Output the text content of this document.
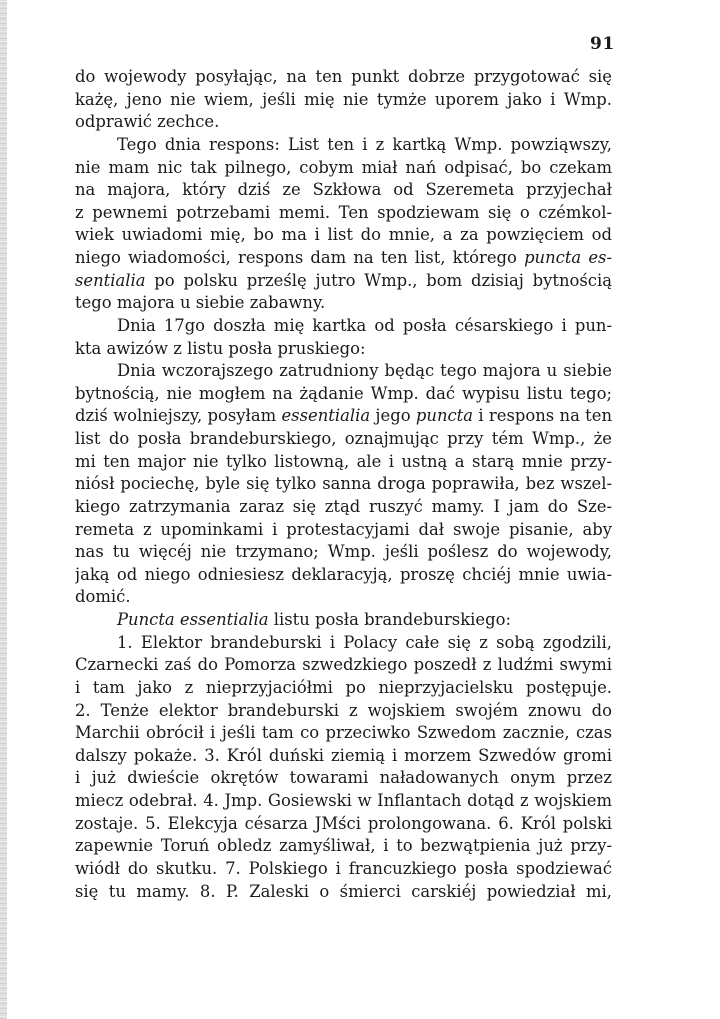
91
do wojewody posyłając, na ten punkt dobrze przygotować się
każę, jeno nie wiem, jeśli mię nie tymże uporem jako i Wmp.
odprawić zechce.
Tego dnia respons: List ten i z kartką Wmp. powziąwszy,
nie mam nic tak pilnego, cobym miał nań odpisać, bo czekam
na majora, który dziś ze Szkłowa od Szeremeta przyjechał
z pewnemi potrzebami memi. Ten spodziewam się o czémkol-
wiek uwiadomi mię, bo ma i list do mnie, a za powzięciem od
niego wiadomości, respons dam na ten list, którego puncta es-
sentialia po polsku prześlę jutro Wmp., bom dzisiaj bytnością
tego majora u siebie zabawny.
Dnia 17go doszła mię kartka od posła césarskiego i pun-
kta awizów z listu posła pruskiego:
Dnia wczorajszego zatrudniony będąc tego majora u siebie
bytnością, nie mogłem na żądanie Wmp. dać wypisu listu tego;
dziś wolniejszy, posyłam essentialia jego puncta i respons na ten
list do posła brandeburskiego, oznajmując przy tém Wmp., że
mi ten major nie tylko listowną, ale i ustną a starą mnie przy-
niósł pociechę, byle się tylko sanna droga poprawiła, bez wszel-
kiego zatrzymania zaraz się ztąd ruszyć mamy. I jam do Sze-
remeta z upominkami i protestacyjami dał swoje pisanie, aby
nas tu więcéj nie trzymano; Wmp. jeśli poślesz do wojewody,
jaką od niego odniesiesz deklaracyją, proszę chciéj mnie uwia-
domić.
Puncta essentialia listu posła brandeburskiego:
1. Elektor brandeburski i Polacy całe się z sobą zgodzili,
Czarnecki zaś do Pomorza szwedzkiego poszedł z ludźmi swymi
i tam jako z nieprzyjaciółmi po nieprzyjacielsku postępuje.
2. Tenże elektor brandeburski z wojskiem swojém znowu do
Marchii obrócił i jeśli tam co przeciwko Szwedom zacznie, czas
dalszy pokaże. 3. Król duński ziemią i morzem Szwedów gromi
i już dwieście okrętów towarami naładowanych onym przez
miecz odebrał. 4. Jmp. Gosiewski w Inflantach dotąd z wojskiem
zostaje. 5. Elekcyja césarza JMści prolongowana. 6. Król polski
zapewnie Toruń obledz zamyśliwał, i to bezwątpienia już przy-
wiódł do skutku. 7. Polskiego i francuzkiego posła spodziewać
się tu mamy. 8. P. Zaleski o śmierci carskiéj powiedział mi,
